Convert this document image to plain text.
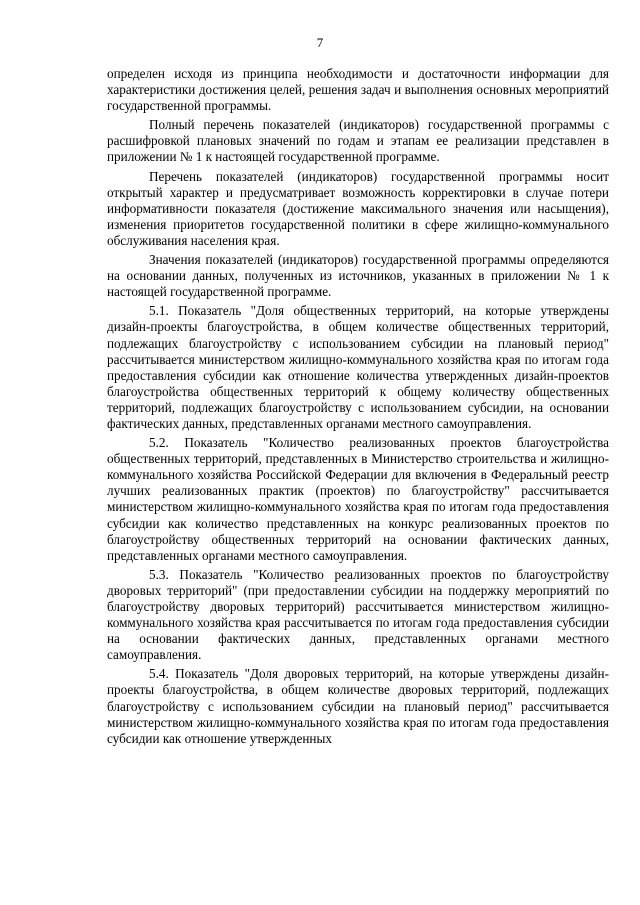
7

определен исходя из принципа необходимости и достаточности информации для характеристики достижения целей, решения задач и выполнения основных мероприятий государственной программы.

Полный перечень показателей (индикаторов) государственной программы с расшифровкой плановых значений по годам и этапам ее реализации представлен в приложении № 1 к настоящей государственной программе.

Перечень показателей (индикаторов) государственной программы носит открытый характер и предусматривает возможность корректировки в случае потери информативности показателя (достижение максимального значения или насыщения), изменения приоритетов государственной политики в сфере жилищно-коммунального обслуживания населения края.

Значения показателей (индикаторов) государственной программы определяются на основании данных, полученных из источников, указанных в приложении № 1 к настоящей государственной программе.

5.1. Показатель "Доля общественных территорий, на которые утверждены дизайн-проекты благоустройства, в общем количестве общественных территорий, подлежащих благоустройству с использованием субсидии на плановый период" рассчитывается министерством жилищно-коммунального хозяйства края по итогам года предоставления субсидии как отношение количества утвержденных дизайн-проектов благоустройства общественных территорий к общему количеству общественных территорий, подлежащих благоустройству с использованием субсидии, на основании фактических данных, представленных органами местного самоуправления.

5.2. Показатель "Количество реализованных проектов благоустройства общественных территорий, представленных в Министерство строительства и жилищно-коммунального хозяйства Российской Федерации для включения в Федеральный реестр лучших реализованных практик (проектов) по благоустройству" рассчитывается министерством жилищно-коммунального хозяйства края по итогам года предоставления субсидии как количество представленных на конкурс реализованных проектов по благоустройству общественных территорий на основании фактических данных, представленных органами местного самоуправления.

5.3. Показатель "Количество реализованных проектов по благоустройству дворовых территорий" (при предоставлении субсидии на поддержку мероприятий по благоустройству дворовых территорий) рассчитывается министерством жилищно-коммунального хозяйства края рассчитывается по итогам года предоставления субсидии на основании фактических данных, представленных органами местного самоуправления.

5.4. Показатель "Доля дворовых территорий, на которые утверждены дизайн-проекты благоустройства, в общем количестве дворовых территорий, подлежащих благоустройству с использованием субсидии на плановый период" рассчитывается министерством жилищно-коммунального хозяйства края по итогам года предоставления субсидии как отношение утвержденных
